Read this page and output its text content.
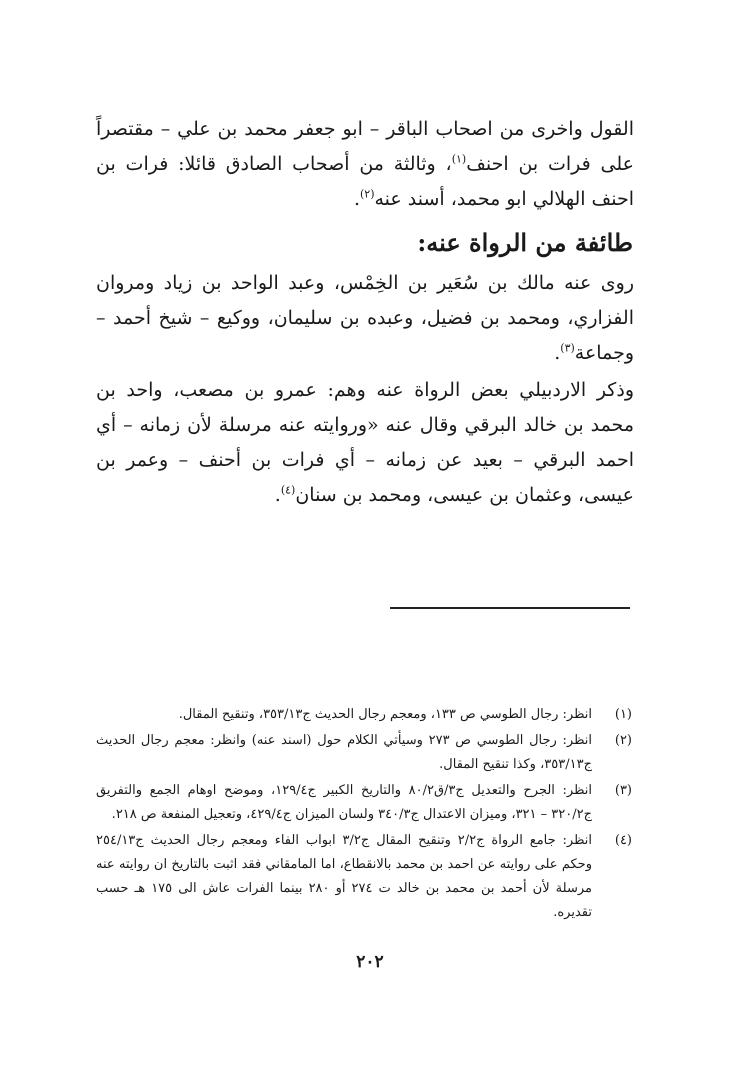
القول واخرى من اصحاب الباقر – ابو جعفر محمد بن علي – مقتصراً على فرات بن احنف$^{(١)}$، وثالثة من أصحاب الصادق قائلا: فرات بن احنف الهلالي ابو محمد، أسند عنه$^{(٢)}$.

طائفة من الرواة عنه:

روى عنه مالك بن سُعَير بن الخِمْس، وعبد الواحد بن زياد ومروان الفزاري، ومحمد بن فضيل، وعبده بن سليمان، ووكيع – شيخ أحمد – وجماعة$^{(٣)}$.

وذكر الاردبيلي بعض الرواة عنه وهم: عمرو بن مصعب، واحد بن محمد بن خالد البرقي وقال عنه «وروايته عنه مرسلة لأن زمانه – أي احمد البرقي – بعيد عن زمانه – أي فرات بن أحنف – وعمر بن عيسى، وعثمان بن عيسى، ومحمد بن سنان$^{(٤)}$.

(١)
انظر: رجال الطوسي ص ١٣٣، ومعجم رجال الحديث ج٣٥٣/١٣، وتنقيح المقال.
(٢)
انظر: رجال الطوسي ص ٢٧٣ وسيأتي الكلام حول (اسند عنه) وانظر: معجم رجال الحديث ج٣٥٣/١٣، وكذا تنقيح المقال.
(٣)
انظر: الجرح والتعديل ج٣/ق٨٠/٢ والتاريخ الكبير ج١٢٩/٤، وموضح اوهام الجمع والتفريق ج٣٢٠/٢ – ٣٢١، وميزان الاعتدال ج٣٤٠/٣ ولسان الميزان ج٤٢٩/٤، وتعجيل المنفعة ص ٢١٨.
(٤)
انظر: جامع الرواة ج٢/٢ وتنقيح المقال ج٣/٢ ابواب الفاء ومعجم رجال الحديث ج٢٥٤/١٣ وحكم على روايته عن احمد بن محمد بالانقطاع، اما المامقاني فقد اثبت بالتاريخ ان روايته عنه مرسلة لأن أحمد بن محمد بن خالد ت ٢٧٤ أو ٢٨٠ بينما الفرات عاش الى ١٧٥ هـ حسب تقديره.
٢٠٢
